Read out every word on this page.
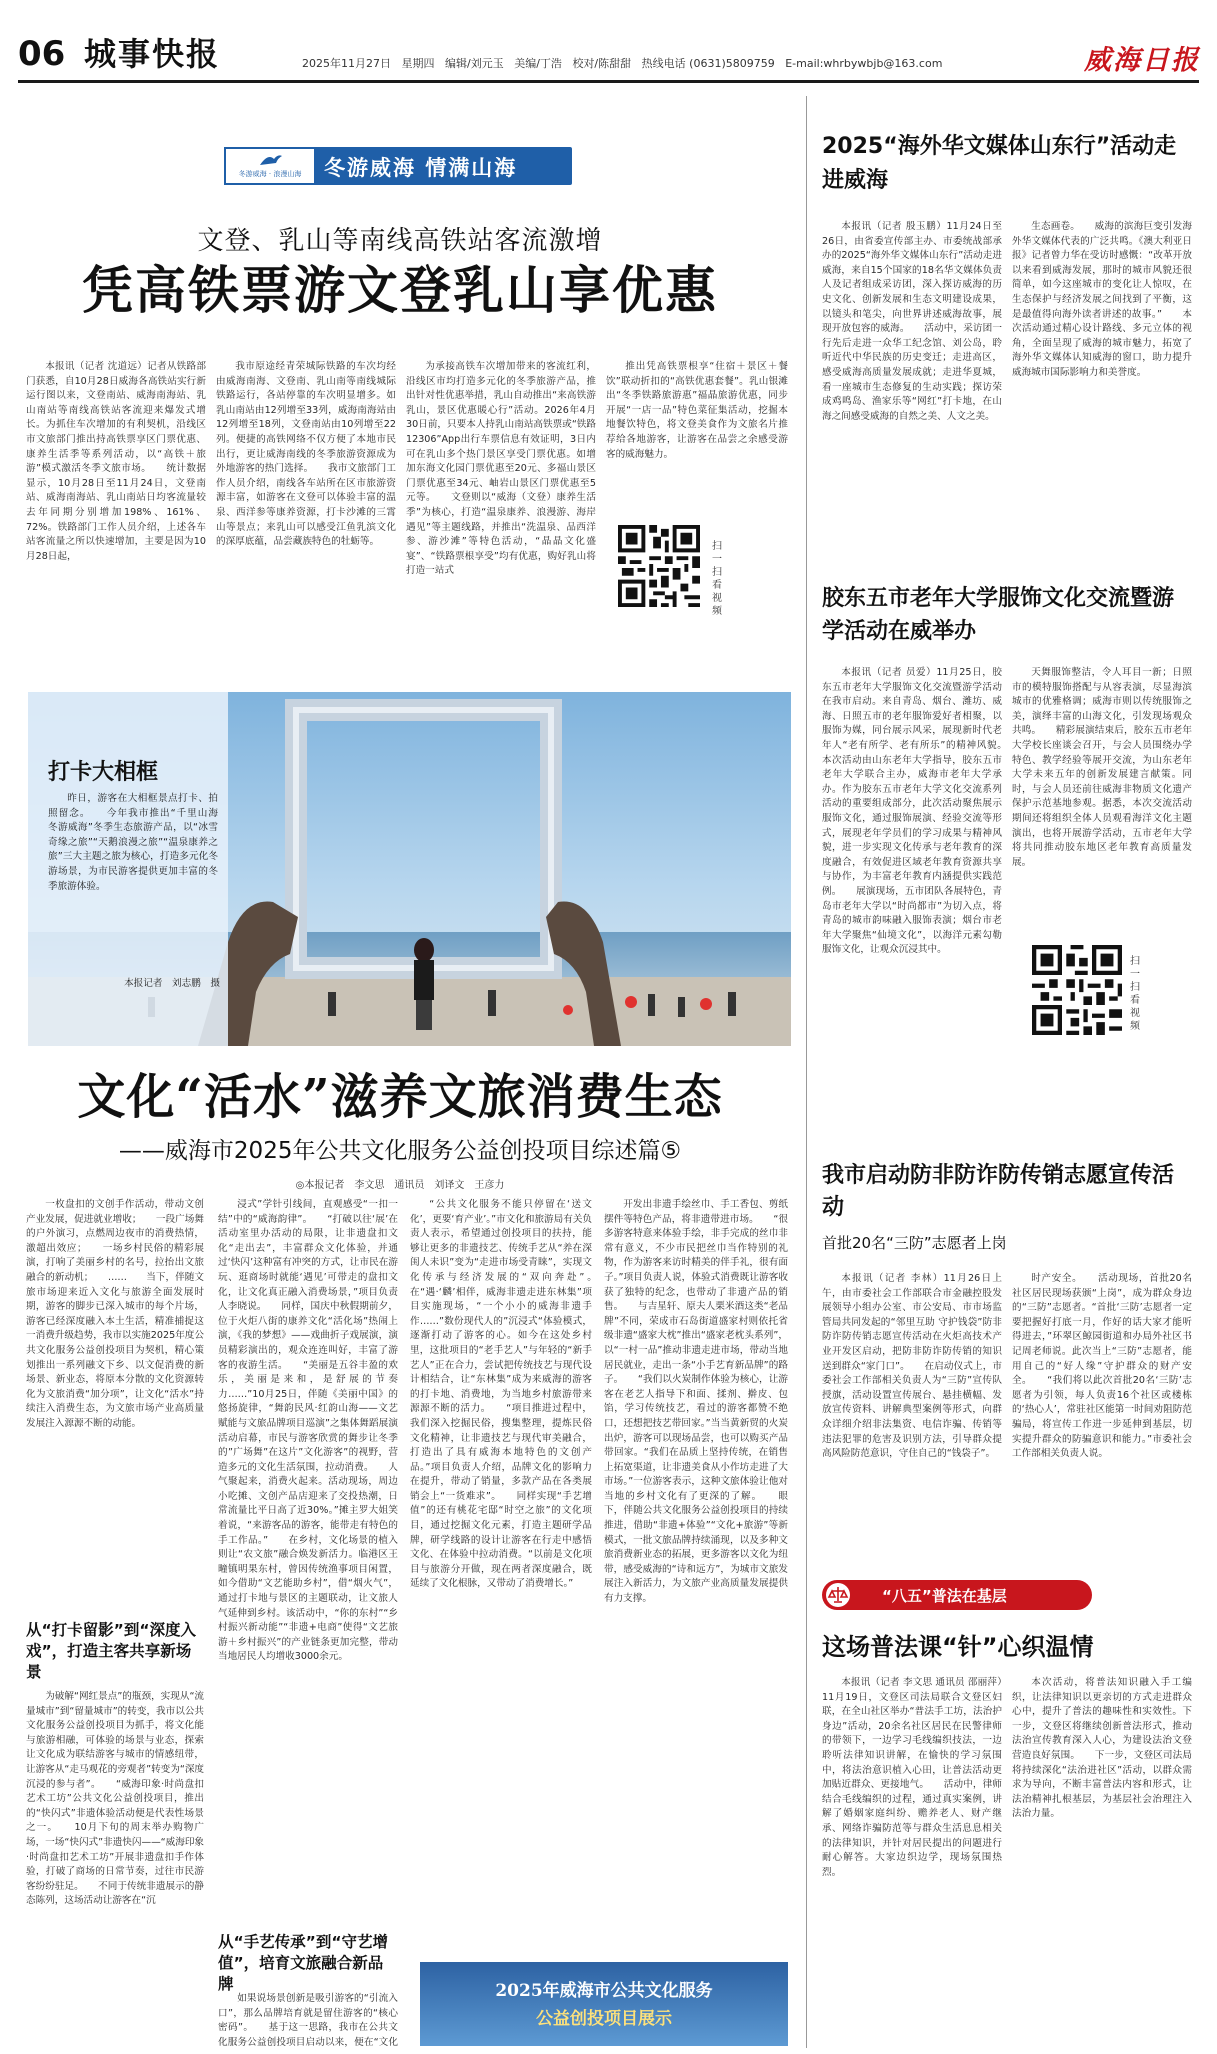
06 城事快报	2025年11月27日 星期四 编辑/刘元玉 美编/丁浩 校对/陈甜甜 热线电话 (0631)5809759 E-mail:whrbywbjb@163.com	威海日报
冬游威海 · 浪漫山海	冬游威海 情满山海
文登、乳山等南线高铁站客流激增
凭高铁票游文登乳山享优惠

本报讯（记者 沈道远）记者从铁路部门获悉，自10月28日威海各高铁站实行新运行图以来，文登南站、威海南海站、乳山南站等南线高铁站客流迎来爆发式增长。为抓住车次增加的有利契机，沿线区市文旅部门推出持高铁票享区门票优惠、康养生活季等系列活动，以“高铁＋旅游”模式激活冬季文旅市场。　　统计数据显示，10月28日至11月24日，文登南站、威海南海站、乳山南站日均客流量较去年同期分别增加198%、161%、72%。铁路部门工作人员介绍，上述各车站客流量之所以快速增加，主要是因为10月28日起，

我市原途经青荣城际铁路的车次均经由威海南海、文登南、乳山南等南线城际铁路运行，各站停靠的车次明显增多。如乳山南站由12列增至33列，威海南海站由12列增至18列，文登南站由10列增至22列。便捷的高铁网络不仅方便了本地市民出行，更让威海南线的冬季旅游资源成为外地游客的热门选择。　　我市文旅部门工作人员介绍，南线各车站所在区市旅游资源丰富，如游客在文登可以体验丰富的温泉、西洋参等康养资源，打卡沙滩的三霄山等景点；来乳山可以感受江鱼乳滨文化的深厚底蕴，品尝藏族特色的牡蛎等。

为承接高铁车次增加带来的客流红利，沿线区市均打造多元化的冬季旅游产品，推出针对性优惠举措，乳山自动推出“来高铁游乳山，景区优惠暖心行”活动。2026年4月30日前，只要本人持乳山南站高铁票或“铁路12306”App出行车票信息有效证明，3日内可在乳山多个热门景区享受门票优惠。如增加东海文化园门票优惠至20元、多福山景区门票优惠至34元、岫岩山景区门票优惠至5元等。　　文登则以“威海（文登）康养生活季”为核心，打造“温泉康养、浪漫游、海岸遇见”等主题线路，并推出“洗温泉、品西洋参、游沙滩”等特色活动，“晶晶文化盛宴”、“铁路票根享受”均有优惠，购好乳山将打造一站式

推出凭高铁票根享“住宿＋景区＋餐饮”联动折扣的“高铁优惠套餐”。乳山银滩出“冬季铁路旅游惠”福晶旅游优惠，同步开展“一店一品”特色菜征集活动，挖掘本地餐饮特色，将文登美食作为文旅名片推荐给各地游客，让游客在品尝之余感受游客的威海魅力。

扫一扫看视频
打卡大相框

昨日，游客在大相框景点打卡、拍照留念。　　今年我市推出“千里山海　冬游威海”冬季生态旅游产品，以“冰雪奇缘之旅”“天鹅浪漫之旅”“温泉康养之旅”三大主题之旅为核心，打造多元化冬游场景，为市民游客提供更加丰富的冬季旅游体验。

本报记者　刘志鹏　摄
文化“活水”滋养文旅消费生态
——威海市2025年公共文化服务公益创投项目综述篇⑤
◎本报记者　李文思　通讯员　刘译文　王彦力

一枚盘扣的文创手作活动，带动文创产业发展，促进就业增收；　　一段广场舞的户外演习，点燃周边夜市的消费热情，激超出效应；　　一场乡村民俗的精彩展演，打响了美丽乡村的名号，拉抬出文旅融合的新动机；　　……　　当下，伴随文旅市场迎来近入文化与旅游全面发展时期，游客的脚步已深入城市的每个片场，游客已经深度融入本土生活，精准捕捉这一消费升级趋势，我市以实施2025年度公共文化服务公益创投项目为契机，精心策划推出一系列融文下乡、以文促消费的新场景、新业态，将原本分散的文化资源转化为文旅消费“加分项”，让文化“活水”持续注入消费生态，为文旅市场产业高质量发展注入源源不断的动能。

从“打卡留影”到“深度入戏”，打造主客共享新场景

为破解“网红景点”的瓶颈，实现从“流量城市”到“留量城市”的转变，我市以公共文化服务公益创投项目为抓手，将文化能与旅游相融，可体验的场景与业态，探索让文化成为联结游客与城市的情感纽带，让游客从“走马观花的旁观者”转变为“深度沉浸的参与者”。　　“威海印象·时尚盘扣艺术工坊”公共文化公益创投项目，推出的“快闪式”非遗体验活动便是代表性场景之一。　　10月下旬的周末举办购物广场，一场“快闪式”非遗快闪——“威海印象·时尚盘扣艺术工坊”开展非遗盘扣手作体验，打破了商场的日常节奏，过往市民游客纷纷驻足。　　不同于传统非遗展示的静态陈列，这场活动让游客在“沉

浸式”学针引线间，直观感受“一扣一结”中的“威海韵律”。　　“打破以往‘展’在活动室里办活动的局限，让非遗盘扣文化“走出去”，丰富群众文化体验，并通过‘快闪’这种富有冲突的方式，让市民在游玩、逛商场时就能‘遇见’可带走的盘扣文化，让文化真正融入消费场景，”项目负责人李晓说。　　同样，国庆中秋假期前夕，位于火炬八街的康养文化“活化场”热闹上演，《我的梦想》——戏曲折子戏展演，演员精彩演出的，观众连连叫好，丰富了游客的夜游生活。　　“美丽是五谷丰盈的欢乐，美丽是来和，是舒展的节奏力……”10月25日，伴随《美丽中国》的悠扬旋律，“舞韵民风·红韵山海——文艺赋能与文旅品牌项目巡演”之集体舞蹈展演活动启幕，市民与游客欣赏的舞步让冬季的”广场舞”在这片”文化游客”的视野，营造多元的文化生活氛围，拉动消费。　　人气聚起来，消费火起来。活动现场，周边小吃摊、文创产品店迎来了交投热潮，日常流量比平日高了近30%。”摊主罗大姐笑着说，“来游客品的游客，能带走有特色的手工作品。”　　在乡村，文化场景的植入则让“农文旅”融合焕发新活力。临港区王疃镇明果东村，曾因传统渔事项目闲置，如今借助“文艺能助乡村”，借“烟火气”，通过打卡地与景区的主题联动，让文旅人气延伸到乡村。该活动中，“你的东村”“乡村振兴新动能”“非遗+电商”使得“文艺旅游＋乡村振兴”的产业链条更加完整，带动当地居民人均增收3000余元。

从“手艺传承”到“守艺增值”，培育文旅融合新品牌

如果说场景创新是吸引游客的“引流入口”，那么品牌培育就是留住游客的“核心密码”。　　基于这一思路，我市在公共文化服务公益创投项目启动以来，便在“文化

“公共文化服务不能只停留在‘送文化’，更要‘育产业’。”市文化和旅游局有关负责人表示，希望通过创投项目的扶持，能够让更多的非遗技艺、传统手艺从“养在深闺人未识”变为“走进市场受青睐”，实现文化传承与经济发展的“双向奔赴”。　　在“遇·‘麟’相伴，威海非遗走进东林集”项目实施现场，“一个小小的威海非遗手作……”数份现代人的”沉浸式“体验模式，逐渐打动了游客的心。如今在这处乡村里，这批项目的“老手艺人”与年轻的“新手艺人”正在合力，尝试把传统技艺与现代设计相结合，让“东林集”成为来威海的游客的打卡地、消费地，为当地乡村旅游带来源源不断的活力。　　“项目推进过程中，我们深入挖掘民俗，搜集整理，提炼民俗文化精神，让非遗技艺与现代审美融合，打造出了具有威海本地特色的文创产品。”项目负责人介绍，品牌文化的影响力在提升，带动了销量，多款产品在各类展销会上“一货难求”。　　同样实现“手艺增值”的还有桃花宅邸“时空之旅”的文化项目，通过挖掘文化元素，打造主题研学品牌，研学线路的设计让游客在行走中感悟文化、在体验中拉动消费。“以前是文化项目与旅游分开做，现在两者深度融合，既延续了文化根脉，又带动了消费增长。”

开发出非遗手绘丝巾、手工香包、剪纸摆件等特色产品，将非遗带进市场。　　“很多游客特意来体验手绘，非手完成的丝巾非常有意义，不少市民把丝巾当作特别的礼物，作为游客来访时精美的伴手礼，很有面子。”项目负责人说，体验式消费既让游客收获了独特的纪念，也带动了非遗产品的销售。　　与吉星轩、原夫人栗米酒这类“老品牌”不同，荣成市石岛街道盛家村则依托省级非遗“盛家大枕”推出“盛家老枕头系列”，以“一村一品”推动非遗走进市场，带动当地居民就业，走出一条“小手艺育新品牌”的路子。　　“我们以火炭制作体验为核心，让游客在老艺人指导下和面、揉剂、擀皮、包馅，学习传统技艺，看过的游客都赞不绝口，还想把技艺带回家。”当当黄新贸的火炭出炉，游客可以现场品尝，也可以购买产品带回家。“我们在品质上坚持传统，在销售上拓宽渠道，让非遗美食从小作坊走进了大市场。”一位游客表示，这种文旅体验让他对当地的乡村文化有了更深的了解。　　眼下，伴随公共文化服务公益创投项目的持续推进，借助“非遗+体验”“文化+旅游”等新模式，一批文旅品牌持续涌现，以及多种文旅消费新业态的拓展，更多游客以文化为纽带，感受威海的“诗和远方”，为城市文旅发展注入新活力，为文旅产业高质量发展提供有力支撑。

2025年威海市公共文化服务
公益创投项目展示
2025“海外华文媒体山东行”活动走进威海

本报讯（记者 殷玉鹏）11月24日至26日，由省委宣传部主办、市委统战部承办的2025“海外华文媒体山东行”活动走进威海，来自15个国家的18名华文媒体负责人及记者组成采访团，深入探访威海的历史文化、创新发展和生态文明建设成果，以镜头和笔尖，向世界讲述威海故事，展现开放包容的威海。　　活动中，采访团一行先后走进一众华工纪念馆、刘公岛，聆听近代中华民族的历史变迁；走进高区，感受威海高质量发展成就；走进华夏城，看一座城市生态修复的生动实践；探访荣成鸡鸣岛、渔家乐等“网红”打卡地，在山海之间感受威海的自然之美、人文之美。

生态画卷。　　威海的滨海巨变引发海外华文媒体代表的广泛共鸣。《澳大利亚日报》记者曾力华在受访时感慨：“改革开放以来看到威海发展，那时的城市风貌还很简单，如今这座城市的变化让人惊叹，在生态保护与经济发展之间找到了平衡，这是最值得向海外读者讲述的故事。”　　本次活动通过精心设计路线、多元立体的视角，全面呈现了威海的城市魅力，拓宽了海外华文媒体认知威海的窗口，助力提升威海城市国际影响力和美誉度。

胶东五市老年大学服饰文化交流暨游学活动在威举办

本报讯（记者 员爱）11月25日，胶东五市老年大学服饰文化交流暨游学活动在我市启动。来自青岛、烟台、潍坊、威海、日照五市的老年服饰爱好者相聚，以服饰为媒，同台展示风采，展现新时代老年人“老有所学、老有所乐”的精神风貌。　　本次活动由山东老年大学指导，胶东五市老年大学联合主办，威海市老年大学承办。作为胶东五市老年大学文化交流系列活动的重要组成部分，此次活动聚焦展示服饰文化，通过服饰展演、经验交流等形式，展现老年学员们的学习成果与精神风貌，进一步实现文化传承与老年教育的深度融合，有效促进区域老年教育资源共享与协作，为丰富老年教育内涵提供实践范例。　　展演现场，五市团队各展特色，青岛市老年大学以“时尚都市”为切入点，将青岛的城市韵味融入服饰表演；烟台市老年大学聚焦“仙境文化”，以海洋元素勾勒服饰文化，让观众沉浸其中。

天舞服饰整洁，令人耳目一新；日照市的模特服饰搭配与从容表演，尽显海滨城市的优雅格调；威海市则以传统服饰之美，演绎丰富的山海文化，引发现场观众共鸣。　　精彩展演结束后，胶东五市老年大学校长座谈会召开，与会人员围绕办学特色、教学经验等展开交流，为山东老年大学未来五年的创新发展建言献策。同时，与会人员还前往威海非物质文化遗产保护示范基地参观。据悉，本次交流活动期间还将组织全体人员观看海洋文化主题演出，也将开展游学活动，五市老年大学将共同推动胶东地区老年教育高质量发展。

扫一扫看视频
我市启动防非防诈防传销志愿宣传活动
首批20名“三防”志愿者上岗

本报讯（记者 李林）11月26日上午，由市委社会工作部联合市金融控股发展领导小组办公室、市公安局、市市场监管局共同发起的“邻里互助 守护钱袋”防非防诈防传销志愿宣传活动在火炬高技术产业开发区启动，把防非防诈防传销的知识送到群众“家门口”。　　在启动仪式上，市委社会工作部相关负责人为“三防”宣传队授旗，活动设置宣传展台、悬挂横幅、发放宣传资料、讲解典型案例等形式，向群众详细介绍非法集资、电信诈骗、传销等违法犯罪的危害及识别方法，引导群众提高风险防范意识，守住自己的“钱袋子”。

时产安全。　　活动现场，首批20名社区居民现场获颁“上岗”，成为群众身边的“三防”志愿者。“首批‘三防’志愿者一定要把握好打底一月，作好的话大家才能听得进去，”环翠区鲸园街道和办局外社区书记周老师说。此次当上“三防”志愿者，能用自己的“好人缘”守护群众的财产安全。　　“我们将以此次首批20名‘三防’志愿者为引领，每人负责16个社区或楼栋的‘热心人’，常驻社区能第一时间劝阻防范骗局，将宣传工作进一步延伸到基层，切实提升群众的防骗意识和能力。”市委社会工作部相关负责人说。

“八五”普法在基层
这场普法课“针”心织温情

本报讯（记者 李文思 通讯员 邵丽萍）11月19日，文登区司法局联合文登区妇联，在全山社区举办“普法手工坊，法治护身边”活动，20余名社区居民在民警律师的带领下，一边学习毛线编织技法，一边聆听法律知识讲解，在愉快的学习氛围中，将法治意识植入心田，让普法活动更加贴近群众、更接地气。　　活动中，律师结合毛线编织的过程，通过真实案例，讲解了婚姻家庭纠纷、赡养老人、财产继承、网络诈骗防范等与群众生活息息相关的法律知识，并针对居民提出的问题进行耐心解答。大家边织边学，现场氛围热烈。

本次活动，将普法知识融入手工编织，让法律知识以更亲切的方式走进群众心中，提升了普法的趣味性和实效性。下一步，文登区将继续创新普法形式，推动法治宣传教育深入人心，为建设法治文登营造良好氛围。　　下一步，文登区司法局将持续深化“法治进社区”活动，以群众需求为导向，不断丰富普法内容和形式，让法治精神扎根基层，为基层社会治理注入法治力量。
